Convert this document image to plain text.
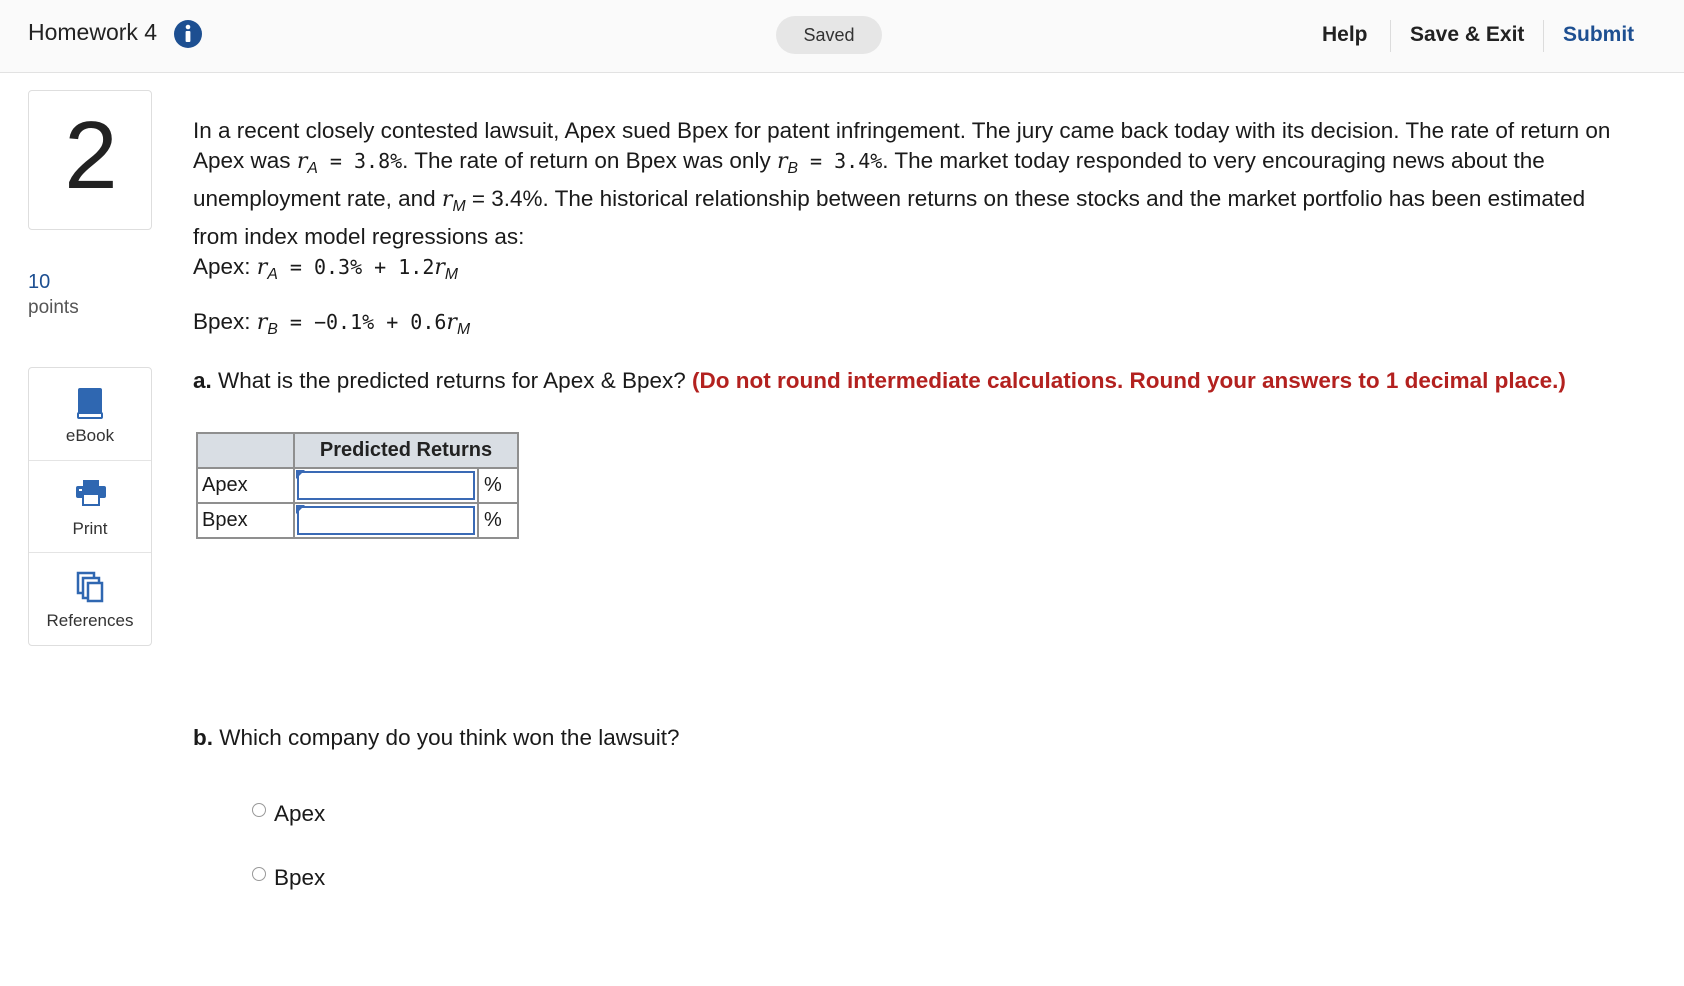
Homework 4	Saved	Help Save & Exit Submit
2
10
points
eBook
Print
References

In a recent closely contested lawsuit, Apex sued Bpex for patent infringement. The jury came back today with its decision. The rate of return on Apex was $r_A = 3.8\%$. The rate of return on Bpex was only $r_B = 3.4\%$. The market today responded to very encouraging news about the unemployment rate, and $r_M = 3.4\%$. The historical relationship between returns on these stocks and the market portfolio has been estimated from index model regressions as:

Apex: $r_A = 0.3\% + 1.2r_M$
Bpex: $r_B = -0.1\% + 0.6r_M$
a. What is the predicted returns for Apex & Bpex? (Do not round intermediate calculations. Round your answers to 1 decimal place.)
	Predicted Returns	
Apex		%
Bpex		%
b. Which company do you think won the lawsuit?
Apex
Bpex
